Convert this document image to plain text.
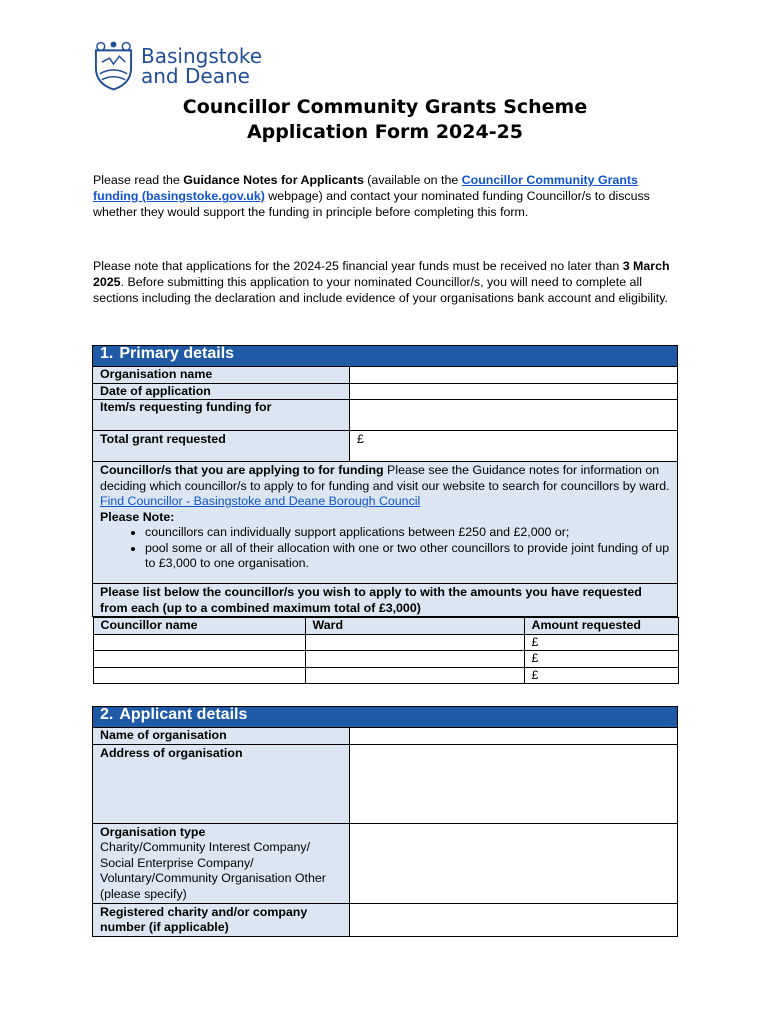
Basingstoke
and Deane
Councillor Community Grants Scheme
Application Form 2024-25
Please read the Guidance Notes for Applicants (available on the Councillor Community Grants funding (basingstoke.gov.uk) webpage) and contact your nominated funding Councillor/s to discuss whether they would support the funding in principle before completing this form.
Please note that applications for the 2024-25 financial year funds must be received no later than 3 March 2025. Before submitting this application to your nominated Councillor/s, you will need to complete all sections including the declaration and include evidence of your organisations bank account and eligibility.
1. Primary details
Organisation name	
Date of application	
Item/s requesting funding for	
Total grant requested	£
Councillor/s that you are applying to for funding Please see the Guidance notes for information on deciding which councillor/s to apply to for funding and visit our website to search for councillors by ward. Find Councillor - Basingstoke and Deane Borough Council
Please Note:
• councillors can individually support applications between £250 and £2,000 or;
• pool some or all of their allocation with one or two other councillors to provide joint funding of up to £3,000 to one organisation.

Please list below the councillor/s you wish to apply to with the amounts you have requested from each (up to a combined maximum total of £3,000)

Councillor name	Ward	Amount requested
		£
		£
		£
2. Applicant details	
Name of organisation	
Address of organisation	

Organisation type
Charity/Community Interest Company/ Social Enterprise Company/ Voluntary/Community Organisation Other (please specify)	

Registered charity and/or company number (if applicable)	
